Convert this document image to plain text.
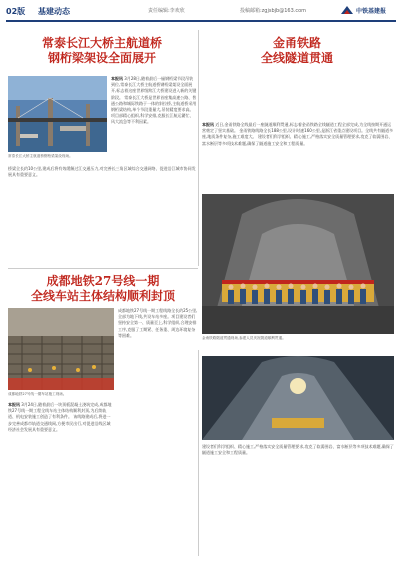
02版 基建动态	责任编辑:李欢欣	投稿邮箱:zgjsbjb@163.com	中铁基建报
常泰长江大桥主航道桥
钢桁梁架设全面展开
本报讯 3月28日,随着最后一榀钢桁梁节段吊装到位,常泰长江大桥主航道桥钢桁梁架设全面展开,标志着这座世界级跨江大桥建设进入新的关键阶段。 常泰长江大桥是世界首座集高速公路、普通公路和城际铁路于一体的斜拉桥,主航道桥采用钢桁梁结构,单个节段重量大,吊装精度要求高。项目部精心组织,科学安排,克服长江航运繁忙、风大流急等不利因素。
常泰长江大桥主航道桥钢桁梁架设现场。
桥梁全长约10公里,建成后将有效缓解过江交通压力,对完善长三角区域综合交通网络、促进沿江城市协同发展具有重要意义。
金甬铁路
全线隧道贯通
本报讯 近日,金甬铁路全线最后一座隧道顺利贯通,标志着金甬铁路全线隧道工程全部完成,为全线按期开通运营奠定了坚实基础。 金甬铁路线路全长188公里,设计时速160公里,是浙江省重点建设项目。全线共有隧道多座,地质条件复杂,施工难度大。 建设者们科学组织、精心施工,严格落实安全质量管理要求,攻克了软弱围岩、富水断层等多项技术难题,确保了隧道施工安全和工程质量。
金甬铁路隧道贯通现场,参建人员庆祝隧道顺利贯通。
成都地铁27号线一期
全线车站主体结构顺利封顶
成都地铁27号线一期工程线路全长约25公里,全部为地下线,共设车站多座。项目建设者们坚持安全第一、质量至上,科学组织,合理安排工序,克服了工期紧、任务重、周边环境复杂等困难。
成都地铁27号线一期车站施工现场。
本报讯 3月24日,随着最后一块顶板混凝土浇筑完成,成都地铁27号线一期工程全线车站主体结构顺利封顶,为后续轨道、机电安装施工创造了有利条件。 该线路建成后,将进一步完善成都市轨道交通线网,方便市民出行,对促进沿线区域经济社会发展具有重要意义。
建设者们科学组织、精心施工,严格落实安全质量管理要求,攻克了软弱围岩、富水断层等多项技术难题,确保了隧道施工安全和工程质量。
